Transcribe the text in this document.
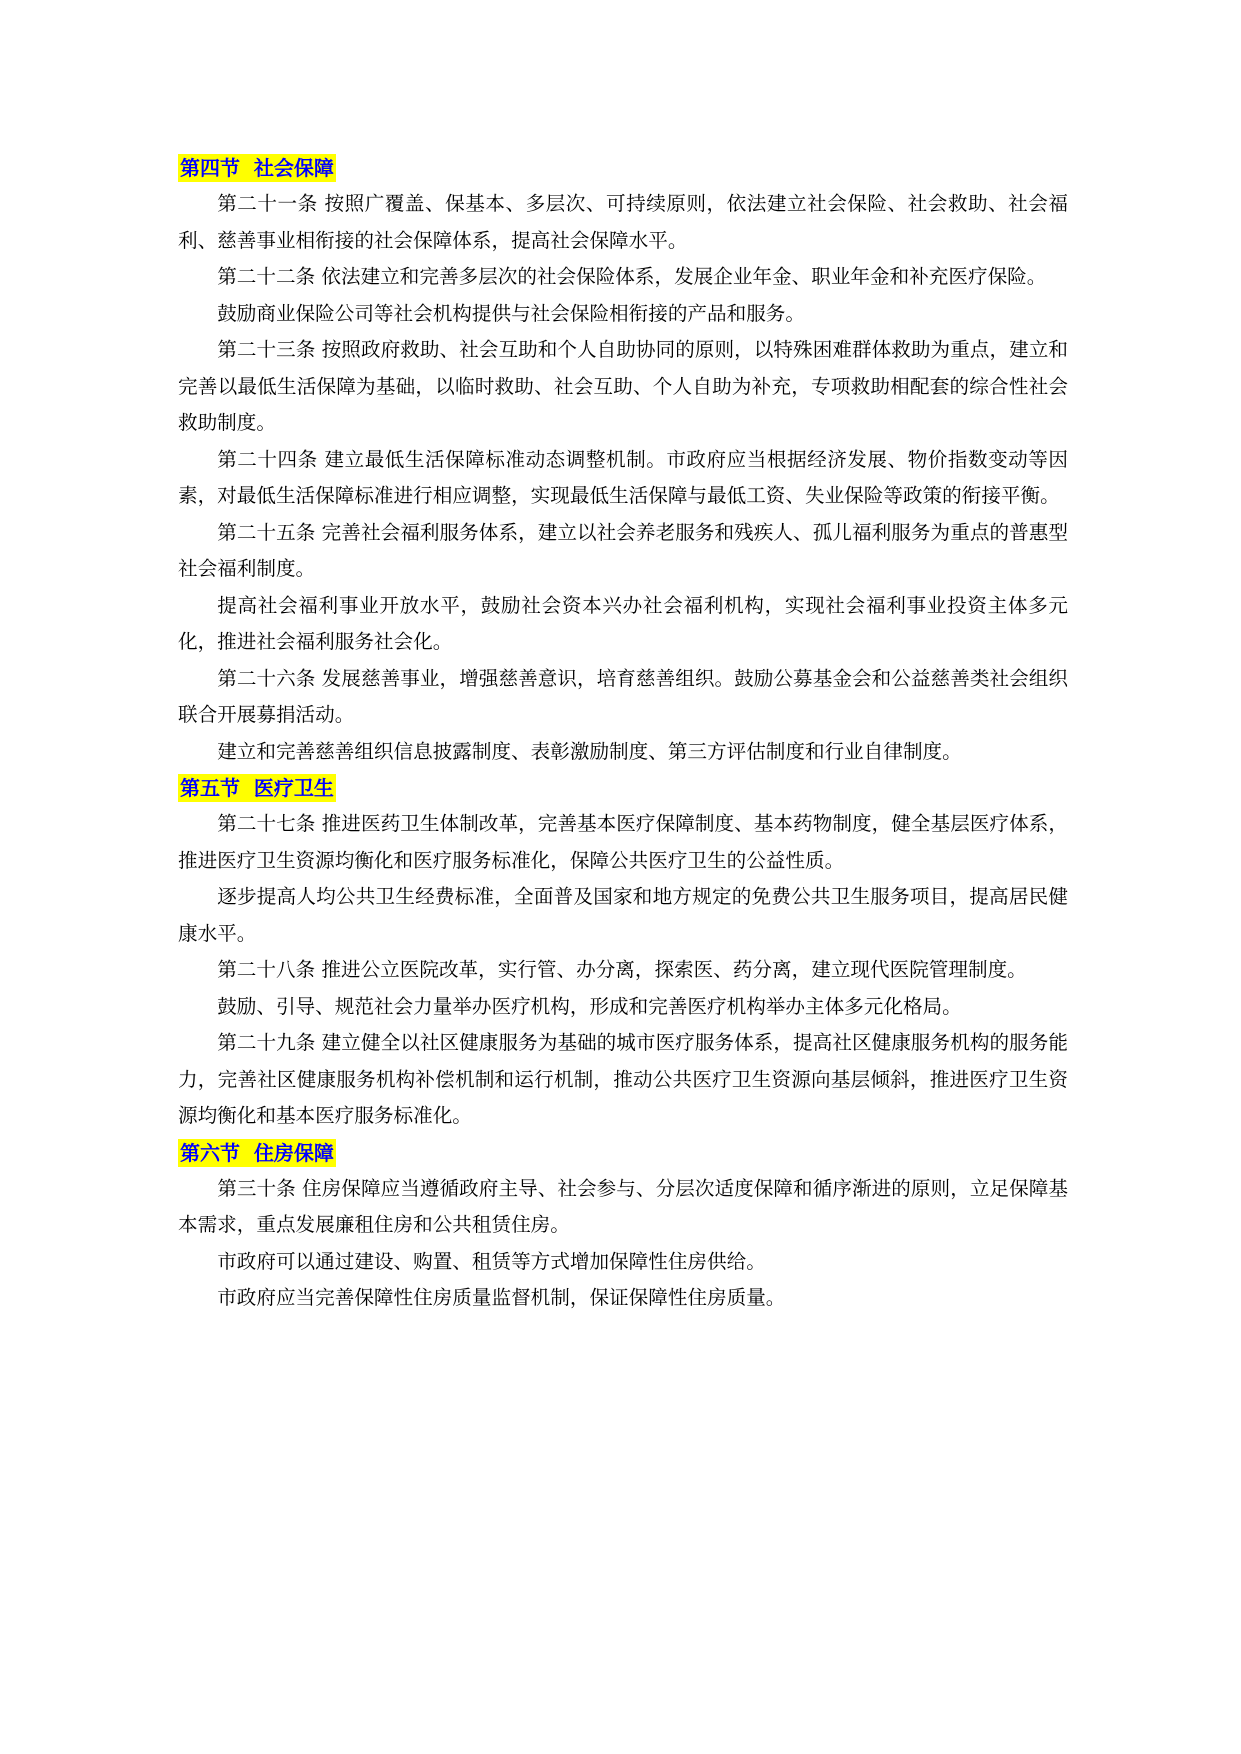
第四节  社会保障

第二十一条 按照广覆盖、保基本、多层次、可持续原则，依法建立社会保险、社会救助、社会福利、慈善事业相衔接的社会保障体系，提高社会保障水平。

第二十二条 依法建立和完善多层次的社会保险体系，发展企业年金、职业年金和补充医疗保险。

鼓励商业保险公司等社会机构提供与社会保险相衔接的产品和服务。

第二十三条 按照政府救助、社会互助和个人自助协同的原则，以特殊困难群体救助为重点，建立和完善以最低生活保障为基础，以临时救助、社会互助、个人自助为补充，专项救助相配套的综合性社会救助制度。

第二十四条 建立最低生活保障标准动态调整机制。市政府应当根据经济发展、物价指数变动等因素，对最低生活保障标准进行相应调整，实现最低生活保障与最低工资、失业保险等政策的衔接平衡。

第二十五条 完善社会福利服务体系，建立以社会养老服务和残疾人、孤儿福利服务为重点的普惠型社会福利制度。

提高社会福利事业开放水平，鼓励社会资本兴办社会福利机构，实现社会福利事业投资主体多元化，推进社会福利服务社会化。

第二十六条 发展慈善事业，增强慈善意识，培育慈善组织。鼓励公募基金会和公益慈善类社会组织联合开展募捐活动。

建立和完善慈善组织信息披露制度、表彰激励制度、第三方评估制度和行业自律制度。

第五节  医疗卫生

第二十七条 推进医药卫生体制改革，完善基本医疗保障制度、基本药物制度，健全基层医疗体系，推进医疗卫生资源均衡化和医疗服务标准化，保障公共医疗卫生的公益性质。

逐步提高人均公共卫生经费标准，全面普及国家和地方规定的免费公共卫生服务项目，提高居民健康水平。

第二十八条 推进公立医院改革，实行管、办分离，探索医、药分离，建立现代医院管理制度。

鼓励、引导、规范社会力量举办医疗机构，形成和完善医疗机构举办主体多元化格局。

第二十九条 建立健全以社区健康服务为基础的城市医疗服务体系，提高社区健康服务机构的服务能力，完善社区健康服务机构补偿机制和运行机制，推动公共医疗卫生资源向基层倾斜，推进医疗卫生资源均衡化和基本医疗服务标准化。

第六节  住房保障

第三十条 住房保障应当遵循政府主导、社会参与、分层次适度保障和循序渐进的原则，立足保障基本需求，重点发展廉租住房和公共租赁住房。

市政府可以通过建设、购置、租赁等方式增加保障性住房供给。

市政府应当完善保障性住房质量监督机制，保证保障性住房质量。
